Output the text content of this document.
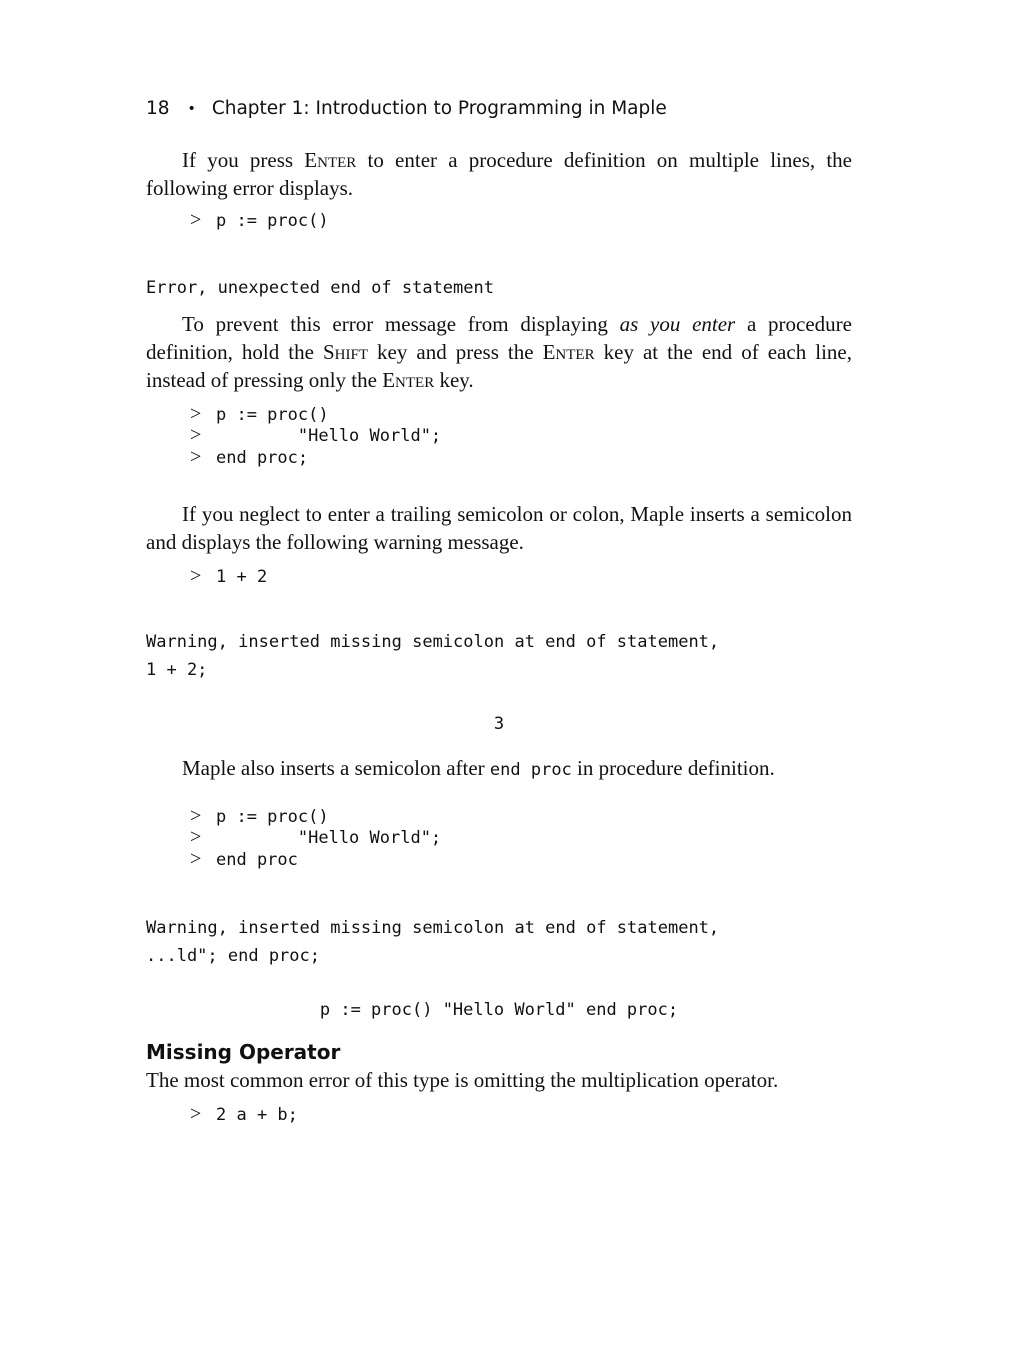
18 • Chapter 1: Introduction to Programming in Maple

If you press Enter to enter a procedure definition on multiple lines, the following error displays.

> p := proc()
Error, unexpected end of statement

To prevent this error message from displaying as you enter a procedure definition, hold the Shift key and press the Enter key at the end of each line, instead of pressing only the Enter key.

> p := proc()
>        "Hello World";
> end proc;

If you neglect to enter a trailing semicolon or colon, Maple inserts a semicolon and displays the following warning message.

> 1 + 2
Warning, inserted missing semicolon at end of statement,
1 + 2;
3

Maple also inserts a semicolon after end proc in procedure definition.

> p := proc()
>        "Hello World";
> end proc
Warning, inserted missing semicolon at end of statement,
...ld"; end proc;
p := proc() "Hello World" end proc;
Missing Operator

The most common error of this type is omitting the multiplication operator.

> 2 a + b;
